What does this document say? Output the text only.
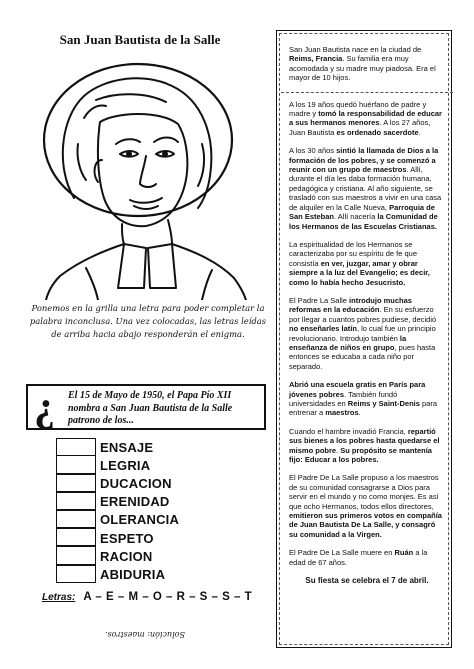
San Juan Bautista de la Salle
Ponemos en la grilla una letra para poder completar la palabra inconclusa. Una vez colocadas, las letras leídas de arriba hacia abajo responderán el enigma.
¿ El 15 de Mayo de 1950, el Papa Pío XII nombra a San Juan Bautista de la Salle patrono de los...
ENSAJE
LEGRIA
DUCACION
ERENIDAD
OLERANCIA
ESPETO
RACION
ABIDURIA
Letras: A – E – M – O – R – S – S – T
Solución: maestros.

San Juan Bautista nace en la ciudad de Reims, Francia. Su familia era muy acomodada y su madre muy piadosa. Era el mayor de 10 hijos.

A los 19 años quedó huérfano de padre y madre y tomó la responsabilidad de educar a sus hermanos menores. A los 27 años, Juan Bautista es ordenado sacerdote.

A los 30 años sintió la llamada de Dios a la formación de los pobres, y se comenzó a reunir con un grupo de maestros. Allí, durante el día les daba formación humana, pedagógica y cristiana. Al año siguiente, se trasladó con sus maestros a vivir en una casa de alquiler en la Calle Nueva, Parroquia de San Esteban. Allí nacería la Comunidad de los Hermanos de las Escuelas Cristianas.

La espiritualidad de los Hermanos se caracterizaba por su espíritu de fe que consistía en ver, juzgar, amar y obrar siempre a la luz del Evangelio; es decir, como lo había hecho Jesucristo.

El Padre La Salle introdujo muchas reformas en la educación. En su esfuerzo por llegar a cuantos pobres pudiese, decidió no enseñarles latín, lo cual fue un principio revolucionario. Introdujo también la enseñanza de niños en grupo, pues hasta entonces se educaba a cada niño por separado.

Abrió una escuela gratis en París para jóvenes pobres. También fundó universidades en Reims y Saint-Denis para entrenar a maestros.

Cuando el hambre invadió Francia, repartió sus bienes a los pobres hasta quedarse el mismo pobre. Su propósito se mantenía fijo: Educar a los pobres.

El Padre De La Salle propuso a los maestros de su comunidad consagrarse a Dios para servir en el mundo y no como monjes. Es así que ocho Hermanos, todos ellos directores, emitieron sus primeros votos en compañía de Juan Bautista De La Salle, y consagró su comunidad a la Virgen.

El Padre De La Salle muere en Ruán a la edad de 67 años.

Su fiesta se celebra el 7 de abril.
